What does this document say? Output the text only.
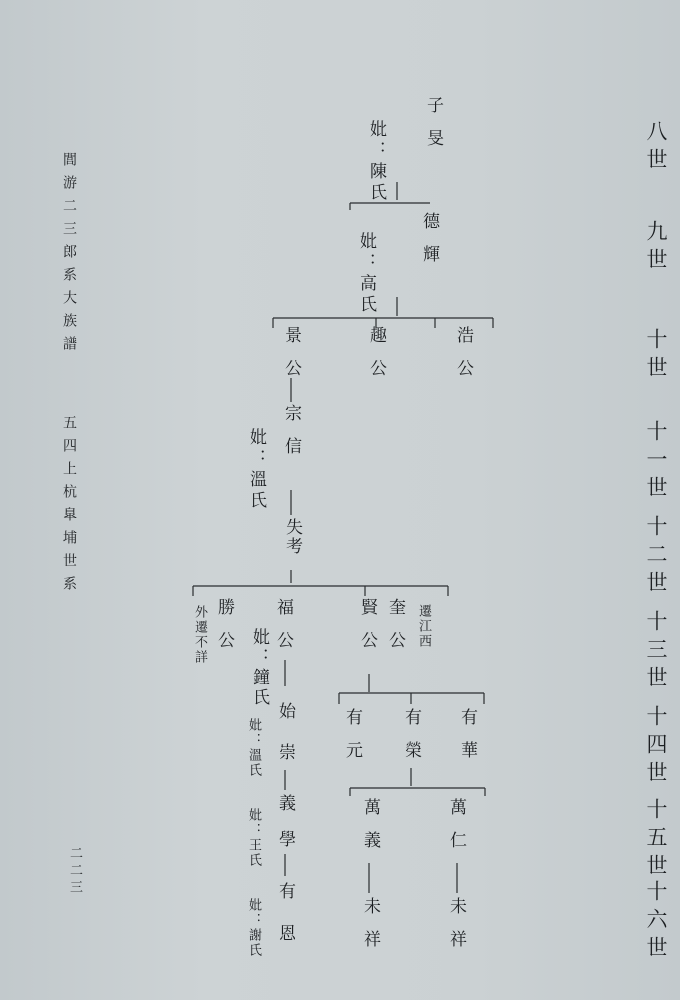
閭游二三郎系大族譜
五四上杭臯埔世系
二二三
八世
九世
十世
十一世
十二世
十三世
十四世
十五世
十六世
子旻
妣：陳氏
德輝
妣：高氏
浩公
趣公
景公
宗信
妣：溫氏
失考
奎公 遷江西
賢公
福公
勝公
外遷不詳 妣：鐘氏
始
崇
妣：溫氏
義
學
妣：王氏
有
恩
妣：謝氏
有華
有榮
有元
萬仁
萬義
未祥
未祥
